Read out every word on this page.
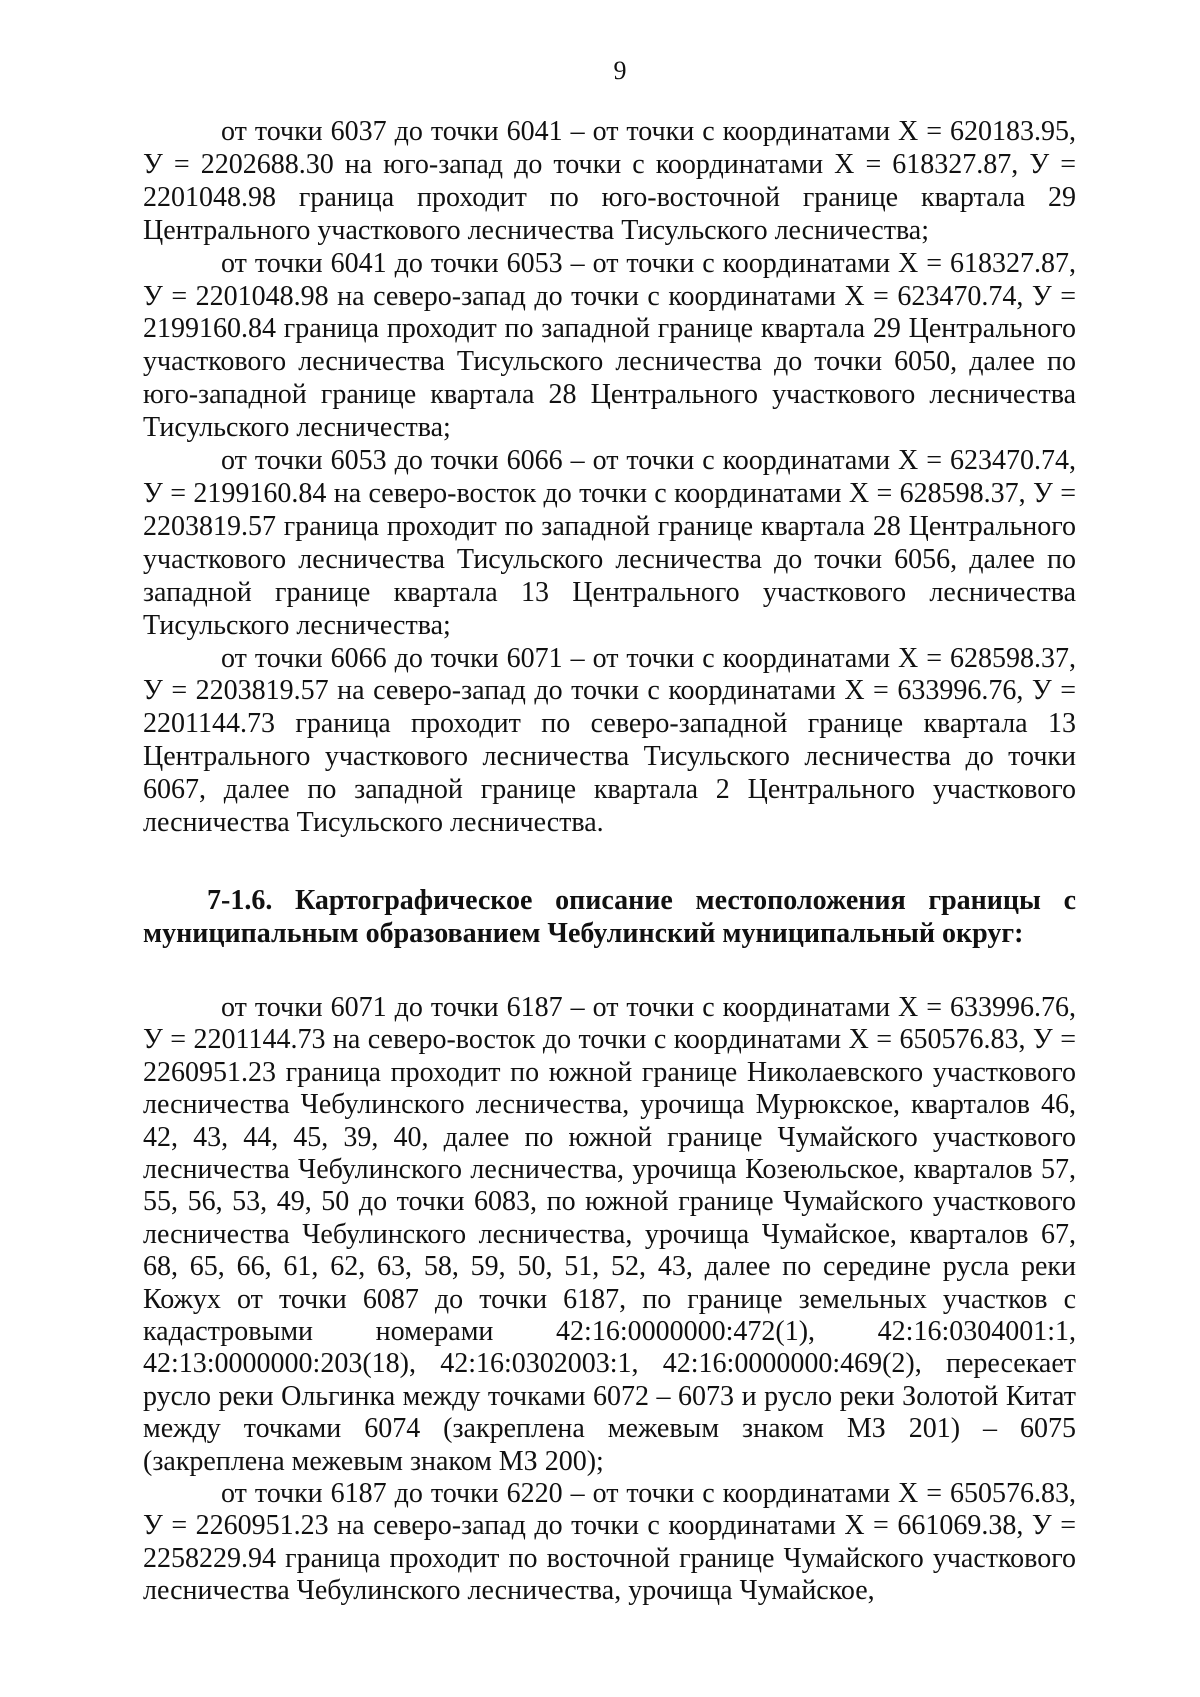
9

от точки 6037 до точки 6041 – от точки с координатами Х = 620183.95, У = 2202688.30 на юго-запад до точки с координатами Х = 618327.87, У = 2201048.98 граница проходит по юго-восточной границе квартала 29 Центрального участкового лесничества Тисульского лесничества;

от точки 6041 до точки 6053 – от точки с координатами Х = 618327.87, У = 2201048.98 на северо-запад до точки с координатами Х = 623470.74, У = 2199160.84 граница проходит по западной границе квартала 29 Центрального участкового лесничества Тисульского лесничества до точки 6050, далее по юго-западной границе квартала 28 Центрального участкового лесничества Тисульского лесничества;

от точки 6053 до точки 6066 – от точки с координатами Х = 623470.74, У = 2199160.84 на северо-восток до точки с координатами Х = 628598.37, У = 2203819.57 граница проходит по западной границе квартала 28 Центрального участкового лесничества Тисульского лесничества до точки 6056, далее по западной границе квартала 13 Центрального участкового лесничества Тисульского лесничества;

от точки 6066 до точки 6071 – от точки с координатами Х = 628598.37, У = 2203819.57 на северо-запад до точки с координатами Х = 633996.76, У = 2201144.73 граница проходит по северо-западной границе квартала 13 Центрального участкового лесничества Тисульского лесничества до точки 6067, далее по западной границе квартала 2 Центрального участкового лесничества Тисульского лесничества.

7-1.6. Картографическое описание местоположения границы с муниципальным образованием Чебулинский муниципальный округ:

от точки 6071 до точки 6187 – от точки с координатами Х = 633996.76, У = 2201144.73 на северо-восток до точки с координатами Х = 650576.83, У = 2260951.23 граница проходит по южной границе Николаевского участкового лесничества Чебулинского лесничества, урочища Мурюкское, кварталов 46, 42, 43, 44, 45, 39, 40, далее по южной границе Чумайского участкового лесничества Чебулинского лесничества, урочища Козеюльское, кварталов 57, 55, 56, 53, 49, 50 до точки 6083, по южной границе Чумайского участкового лесничества Чебулинского лесничества, урочища Чумайское, кварталов 67, 68, 65, 66, 61, 62, 63, 58, 59, 50, 51, 52, 43, далее по середине русла реки Кожух от точки 6087 до точки 6187, по границе земельных участков с кадастровыми номерами 42:16:0000000:472(1), 42:16:0304001:1, 42:13:0000000:203(18), 42:16:0302003:1, 42:16:0000000:469(2), пересекает русло реки Ольгинка между точками 6072 – 6073 и русло реки Золотой Китат между точками 6074 (закреплена межевым знаком МЗ 201) – 6075 (закреплена межевым знаком МЗ 200);

от точки 6187 до точки 6220 – от точки с координатами Х = 650576.83, У = 2260951.23 на северо-запад до точки с координатами Х = 661069.38, У = 2258229.94 граница проходит по восточной границе Чумайского участкового лесничества Чебулинского лесничества, урочища Чумайское,
